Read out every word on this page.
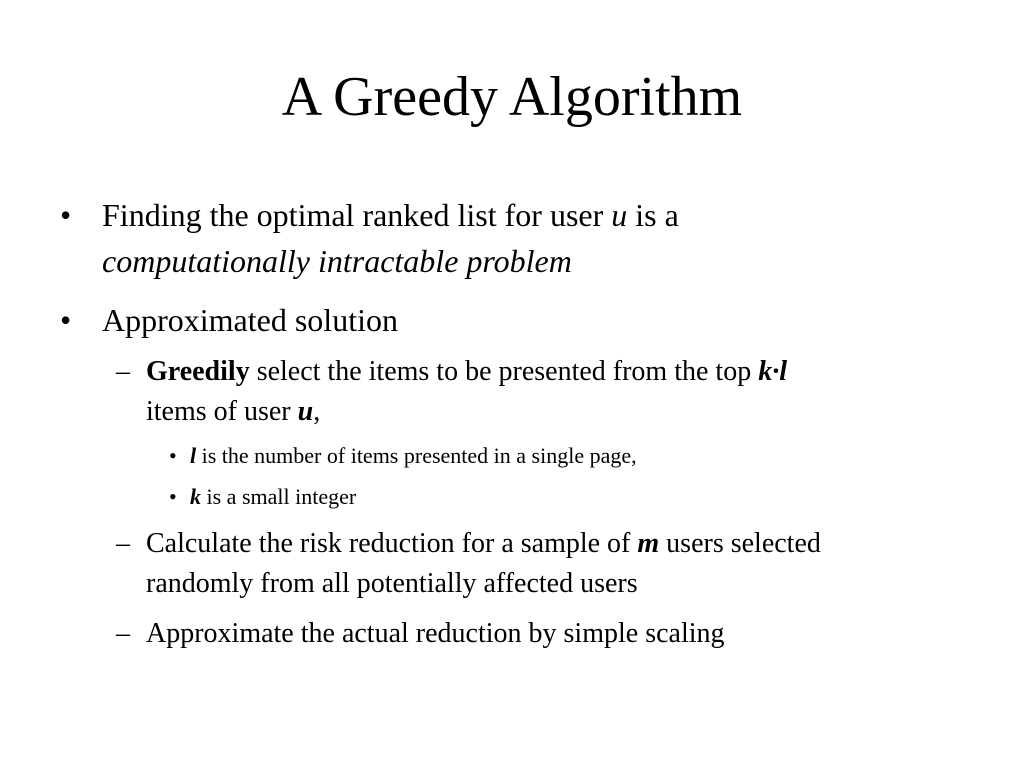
A Greedy Algorithm
• Finding the optimal ranked list for user u is a
computationally intractable problem
• Approximated solution
– Greedily select the items to be presented from the top k·l
items of user u,
• l is the number of items presented in a single page,
• k is a small integer
– Calculate the risk reduction for a sample of m users selected
randomly from all potentially affected users
– Approximate the actual reduction by simple scaling
